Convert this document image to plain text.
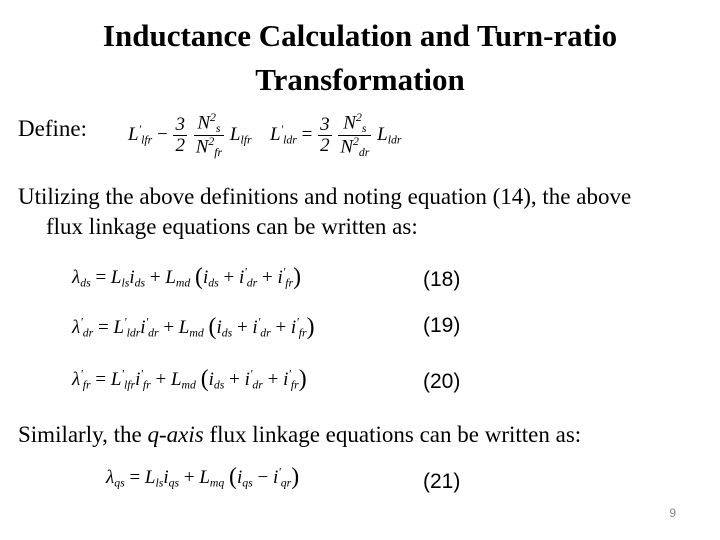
Inductance Calculation and Turn-ratio
Transformation
Define: $L'_{lfr} - \frac{3}{2}$
$\frac{N^2_s}{N^2_{fr}} L_{lfr}$ $L'_{ldr} = \frac{3}{2}$
$\frac{N^2_s}{N^2_{dr}} L_{ldr}$
Utilizing the above definitions and noting equation (14), the above
flux linkage equations can be written as:
$\lambda_{ds} = L_{ls}i_{ds} + L_{md}$ $(i_{ds} + i'_{dr} + i'_{fr})$	(18)
$\lambda'_{dr} = L'_{ldr}i'_{dr} + L_{md}$ $(i_{ds} + i'_{dr} + i'_{fr})$	(19)
$\lambda'_{fr} = L'_{lfr}i'_{fr} + L_{md}$ $(i_{ds} + i'_{dr} + i'_{fr})$	(20)
Similarly, the q-axis flux linkage equations can be written as:
$\lambda_{qs} = L_{ls}i_{qs} + L_{mq}$ $(i_{qs} - i'_{qr})$	(21)
9
